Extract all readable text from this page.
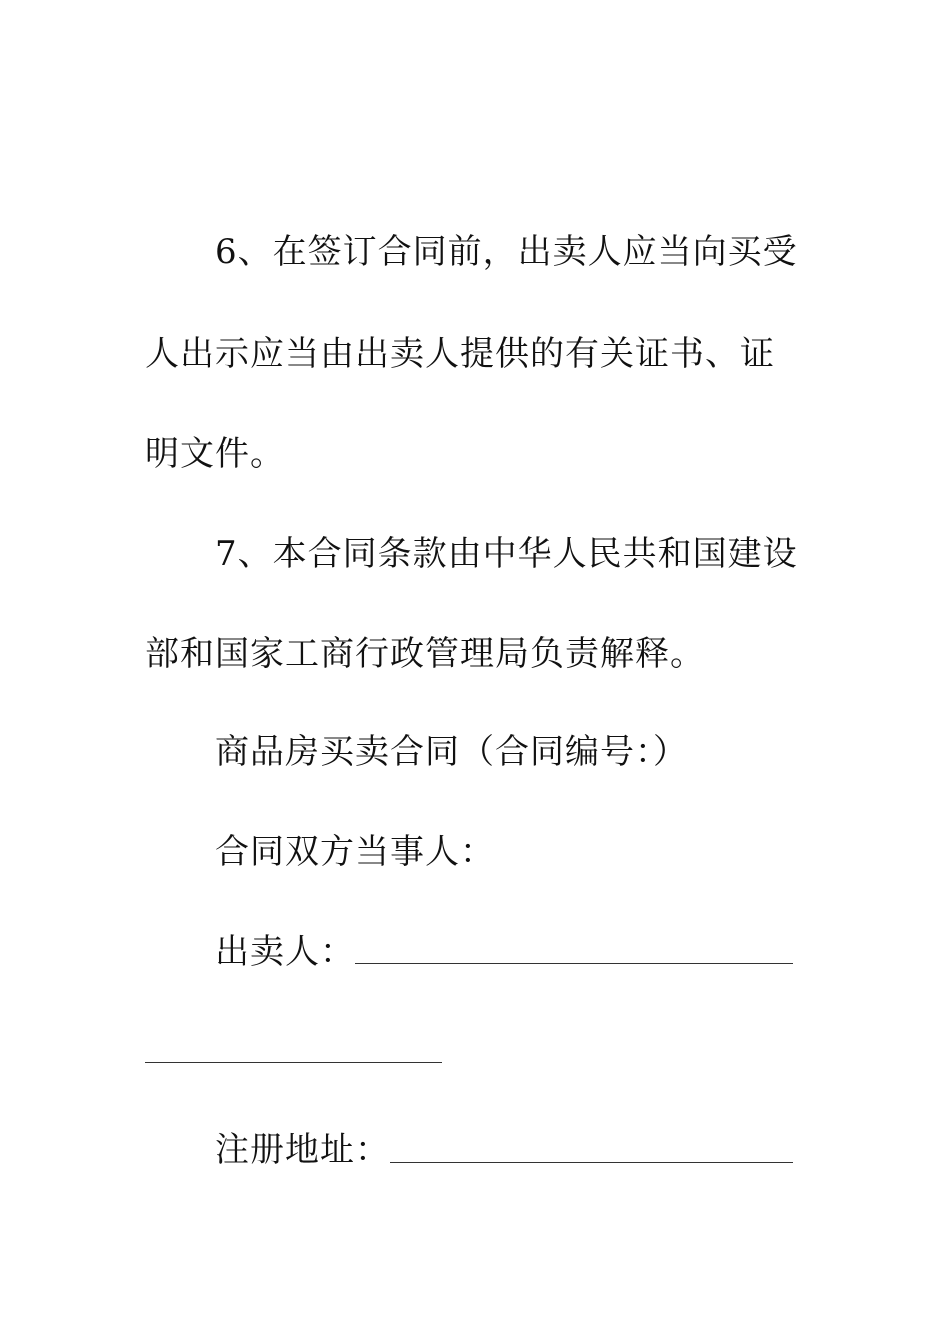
6、在签订合同前，出卖人应当向买受
人出示应当由出卖人提供的有关证书、证
明文件。
7、本合同条款由中华人民共和国建设
部和国家工商行政管理局负责解释。
商品房买卖合同（合同编号：）
合同双方当事人：
出卖人：
注册地址：
